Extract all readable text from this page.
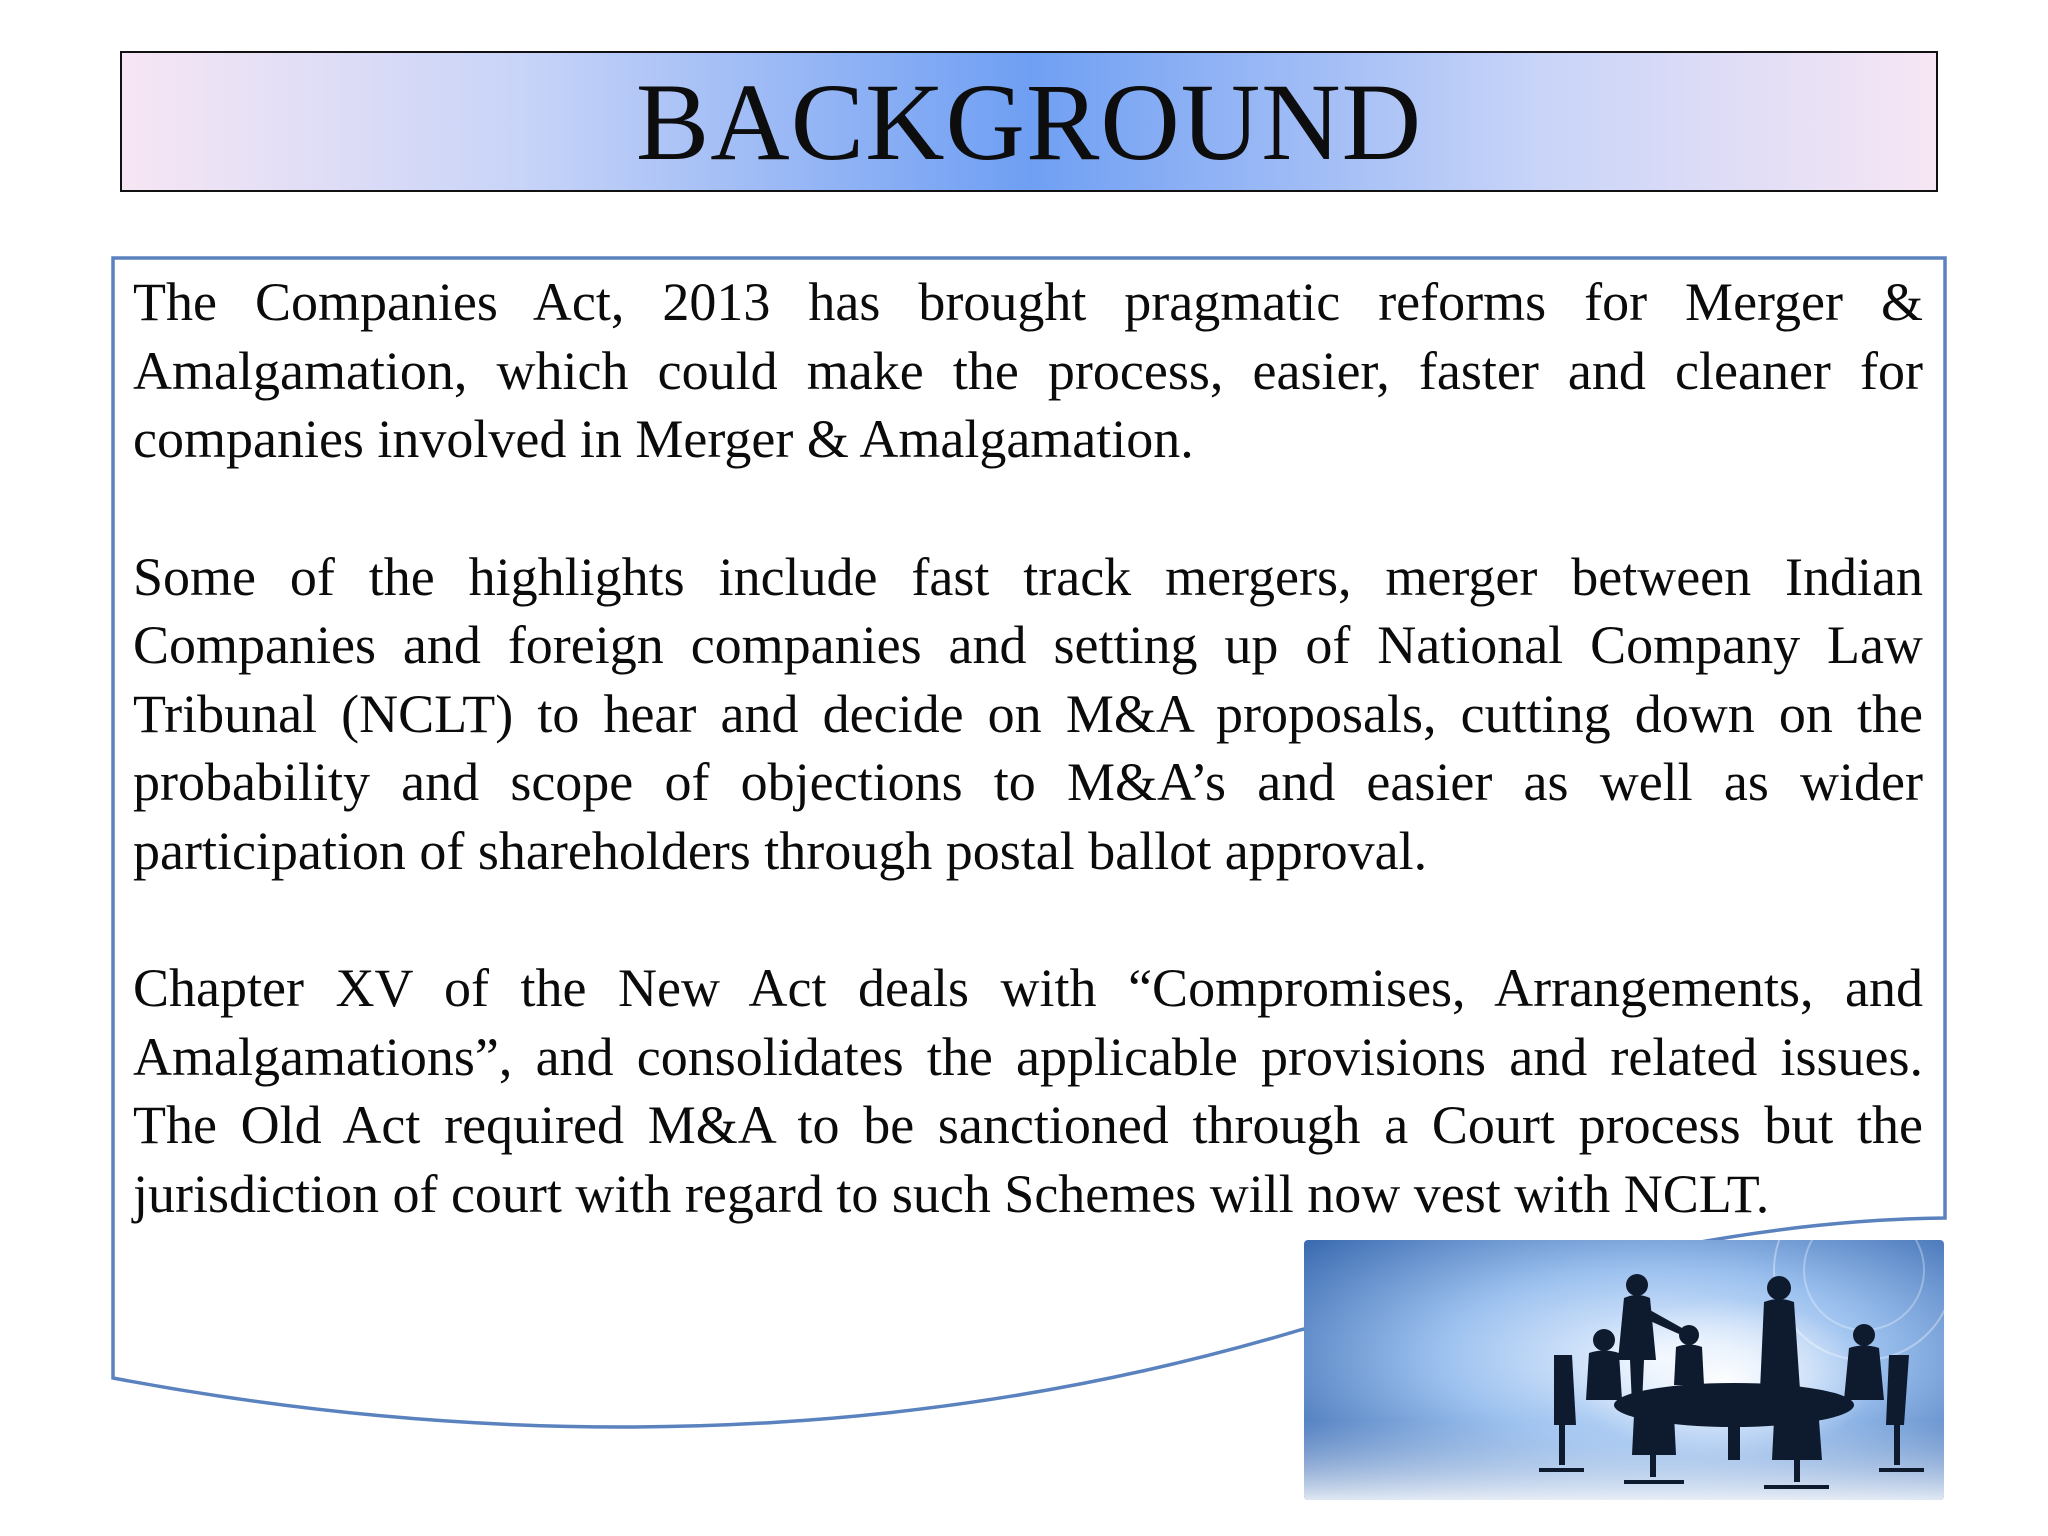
BACKGROUND

The Companies Act, 2013 has brought pragmatic reforms for Merger & Amalgamation, which could make the process, easier, faster and cleaner for companies involved in Merger & Amalgamation.

Some of the highlights include fast track mergers, merger between Indian Companies and foreign companies and setting up of National Company Law Tribunal (NCLT) to hear and decide on M&A proposals, cutting down on the probability and scope of objections to M&A’s and easier as well as wider participation of shareholders through postal ballot approval.

Chapter XV of the New Act deals with “Compromises, Arrangements, and Amalgamations”, and consolidates the applicable provisions and related issues. The Old Act required M&A to be sanctioned through a Court process but the jurisdiction of court with regard to such Schemes will now vest with NCLT.
